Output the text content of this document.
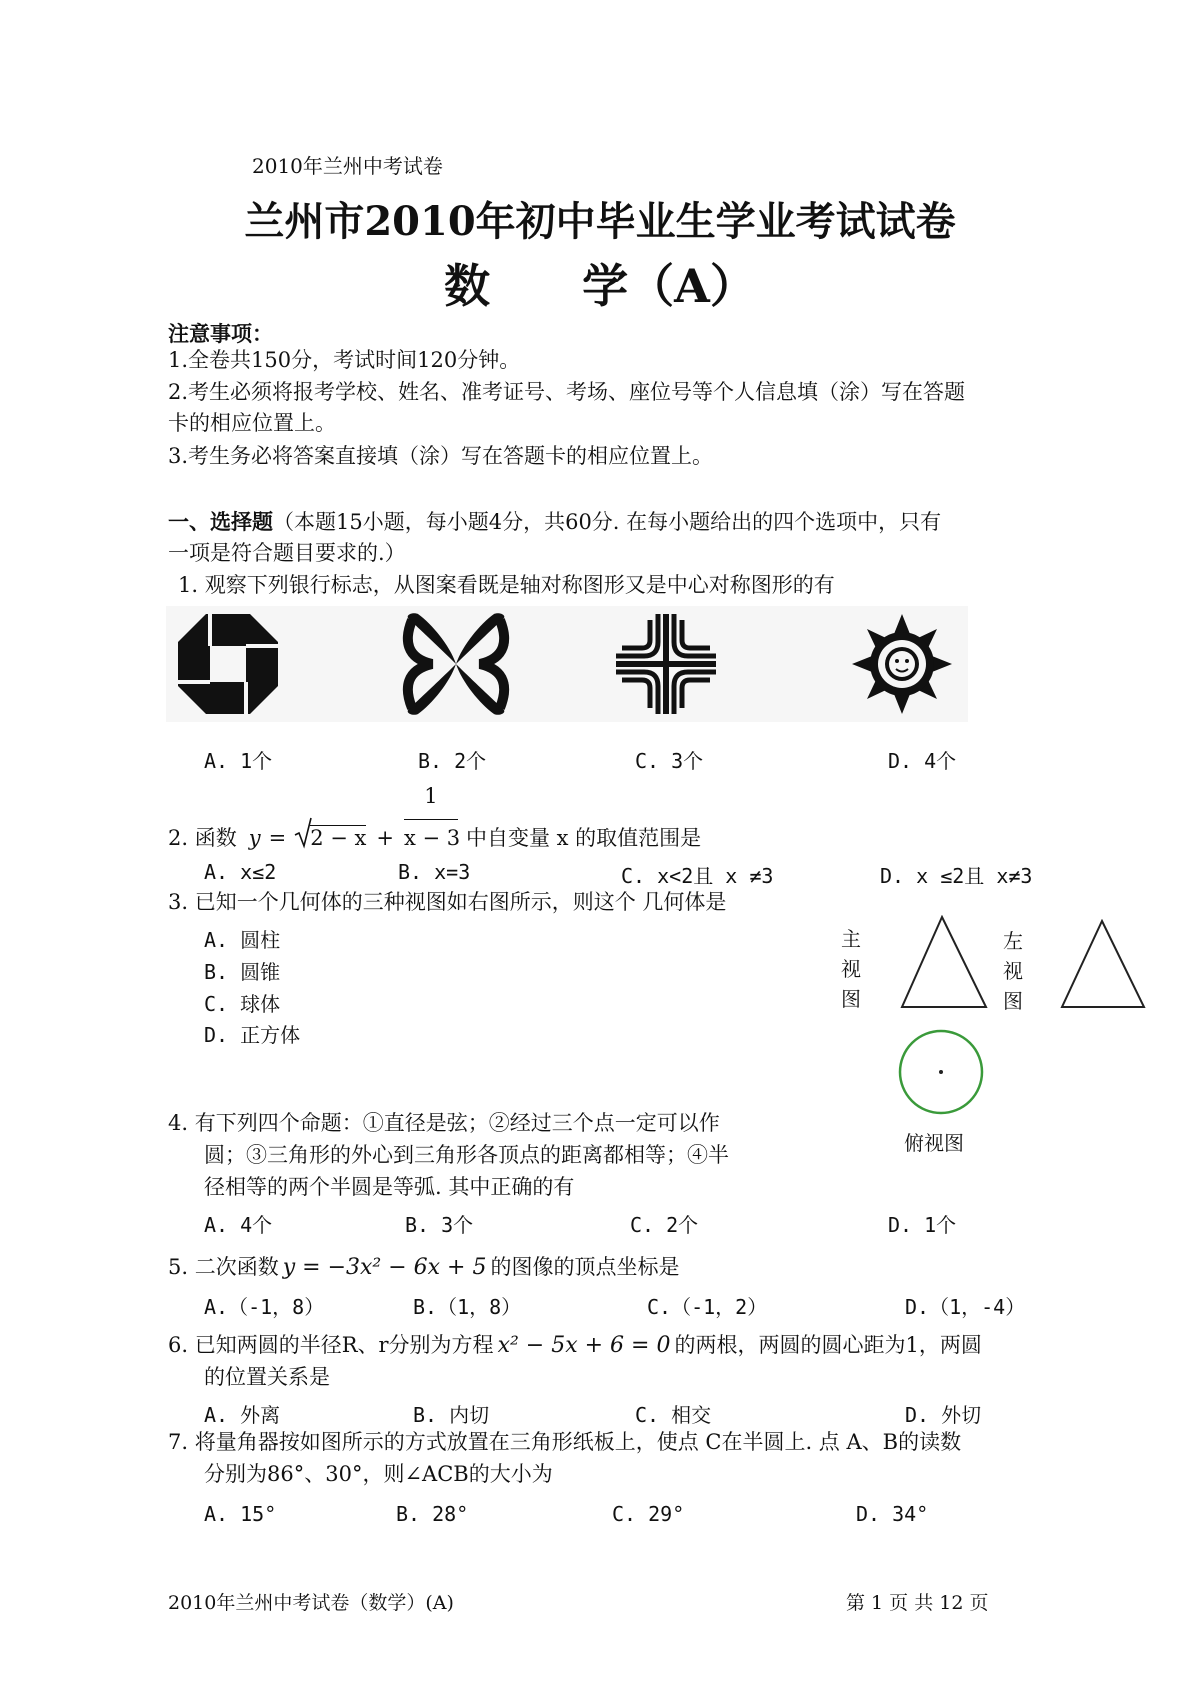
2010年兰州中考试卷
兰州市2010年初中毕业生学业考试试卷
数　　学（A）
注意事项：
1.全卷共150分，考试时间120分钟。
2.考生必须将报考学校、姓名、准考证号、考场、座位号等个人信息填（涂）写在答题
卡的相应位置上。
3.考生务必将答案直接填（涂）写在答题卡的相应位置上。
一、选择题（本题15小题，每小题4分，共60分. 在每小题给出的四个选项中，只有
一项是符合题目要求的.）
1. 观察下列银行标志，从图案看既是轴对称图形又是中心对称图形的有
A. 1个	B. 2个	C. 3个	D. 4个
2. 函数 y =	2 − x +
1
x − 3 中自变量 x 的取值范围是
A. x≤2	B. x=3	C. x<2且 x ≠3	D. x ≤2且 x≠3
3. 已知一个几何体的三种视图如右图所示，则这个 几何体是
A. 圆柱
B. 圆锥
C. 球体
D. 正方体
主
视
图
左
视
图
俯视图
4. 有下列四个命题：①直径是弦；②经过三个点一定可以作
圆；③三角形的外心到三角形各顶点的距离都相等；④半
径相等的两个半圆是等弧. 其中正确的有
A. 4个	B. 3个	C. 2个	D. 1个
5. 二次函数 y = −3x² − 6x + 5 的图像的顶点坐标是
A.（-1，8）	B.（1，8）	C.（-1，2）	D.（1，-4）
6. 已知两圆的半径R、r分别为方程 x² − 5x + 6 = 0 的两根，两圆的圆心距为1，两圆
的位置关系是
A. 外离	B. 内切	C. 相交	D. 外切
7. 将量角器按如图所示的方式放置在三角形纸板上，使点 C在半圆上. 点 A、B的读数
分别为86°、30°，则∠ACB的大小为
A. 15°	B. 28°	C. 29°	D. 34°
2010年兰州中考试卷（数学）(A)	第 1 页 共 12 页
